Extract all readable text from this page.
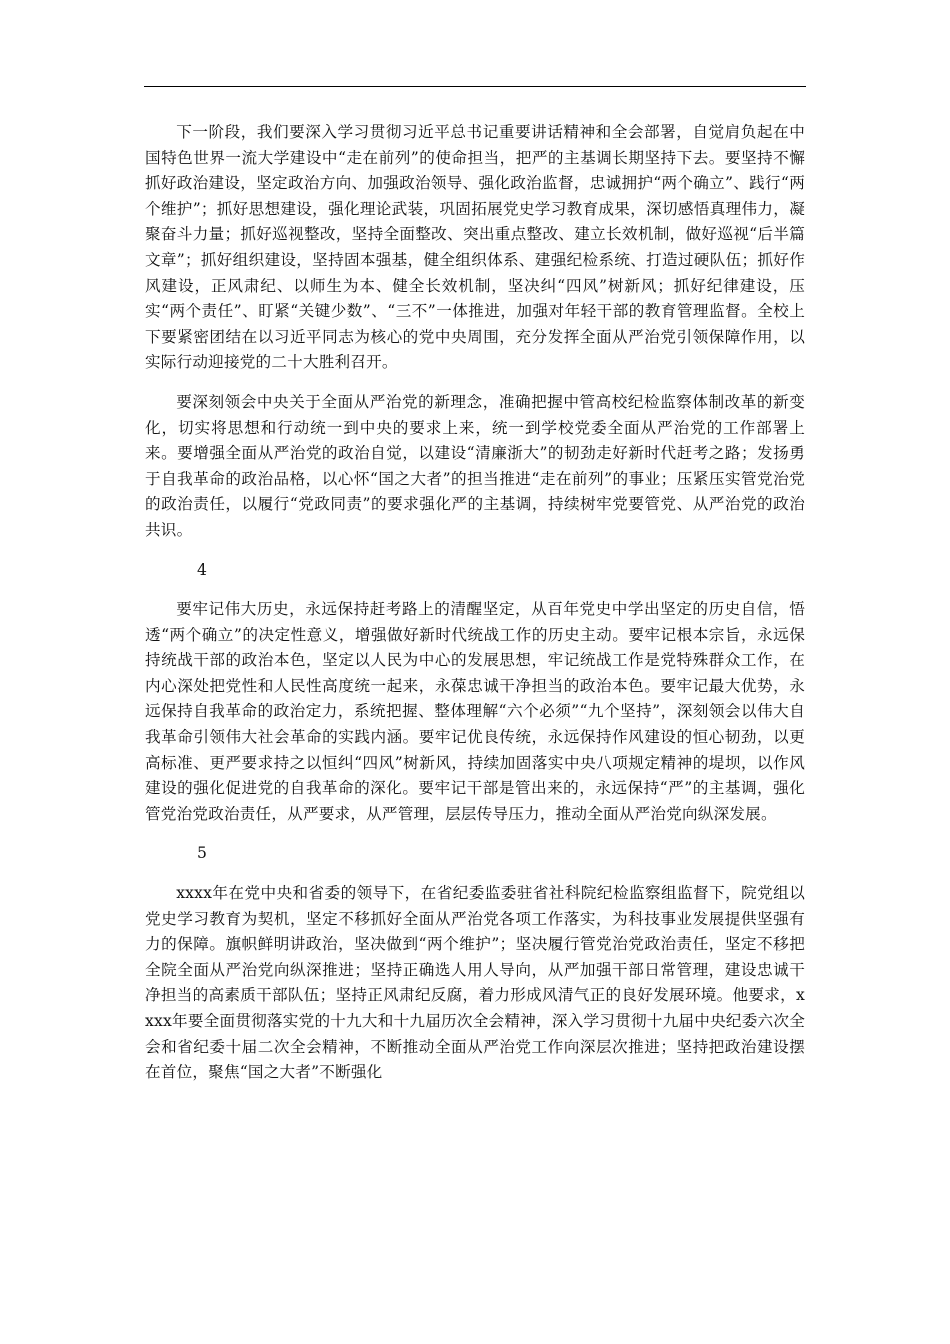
下一阶段，我们要深入学习贯彻习近平总书记重要讲话精神和全会部署，自觉肩负起在中国特色世界一流大学建设中“走在前列”的使命担当，把严的主基调长期坚持下去。要坚持不懈抓好政治建设，坚定政治方向、加强政治领导、强化政治监督，忠诚拥护“两个确立”、践行“两个维护”；抓好思想建设，强化理论武装，巩固拓展党史学习教育成果，深切感悟真理伟力，凝聚奋斗力量；抓好巡视整改，坚持全面整改、突出重点整改、建立长效机制，做好巡视“后半篇文章”；抓好组织建设，坚持固本强基，健全组织体系、建强纪检系统、打造过硬队伍；抓好作风建设，正风肃纪、以师生为本、健全长效机制，坚决纠“四风”树新风；抓好纪律建设，压实“两个责任”、盯紧“关键少数”、“三不”一体推进，加强对年轻干部的教育管理监督。全校上下要紧密团结在以习近平同志为核心的党中央周围，充分发挥全面从严治党引领保障作用，以实际行动迎接党的二十大胜利召开。

要深刻领会中央关于全面从严治党的新理念，准确把握中管高校纪检监察体制改革的新变化，切实将思想和行动统一到中央的要求上来，统一到学校党委全面从严治党的工作部署上来。要增强全面从严治党的政治自觉，以建设“清廉浙大”的韧劲走好新时代赶考之路；发扬勇于自我革命的政治品格，以心怀“国之大者”的担当推进“走在前列”的事业；压紧压实管党治党的政治责任，以履行“党政同责”的要求强化严的主基调，持续树牢党要管党、从严治党的政治共识。

4

要牢记伟大历史，永远保持赶考路上的清醒坚定，从百年党史中学出坚定的历史自信，悟透“两个确立”的决定性意义，增强做好新时代统战工作的历史主动。要牢记根本宗旨，永远保持统战干部的政治本色，坚定以人民为中心的发展思想，牢记统战工作是党特殊群众工作，在内心深处把党性和人民性高度统一起来，永葆忠诚干净担当的政治本色。要牢记最大优势，永远保持自我革命的政治定力，系统把握、整体理解“六个必须”“九个坚持”，深刻领会以伟大自我革命引领伟大社会革命的实践内涵。要牢记优良传统，永远保持作风建设的恒心韧劲，以更高标准、更严要求持之以恒纠“四风”树新风，持续加固落实中央八项规定精神的堤坝，以作风建设的强化促进党的自我革命的深化。要牢记干部是管出来的，永远保持“严”的主基调，强化管党治党政治责任，从严要求，从严管理，层层传导压力，推动全面从严治党向纵深发展。

5

xxxx年在党中央和省委的领导下，在省纪委监委驻省社科院纪检监察组监督下，院党组以党史学习教育为契机，坚定不移抓好全面从严治党各项工作落实，为科技事业发展提供坚强有力的保障。旗帜鲜明讲政治，坚决做到“两个维护”；坚决履行管党治党政治责任，坚定不移把全院全面从严治党向纵深推进；坚持正确选人用人导向，从严加强干部日常管理，建设忠诚干净担当的高素质干部队伍；坚持正风肃纪反腐，着力形成风清气正的良好发展环境。他要求，xxxx年要全面贯彻落实党的十九大和十九届历次全会精神，深入学习贯彻十九届中央纪委六次全会和省纪委十届二次全会精神，不断推动全面从严治党工作向深层次推进；坚持把政治建设摆在首位，聚焦“国之大者”不断强化
